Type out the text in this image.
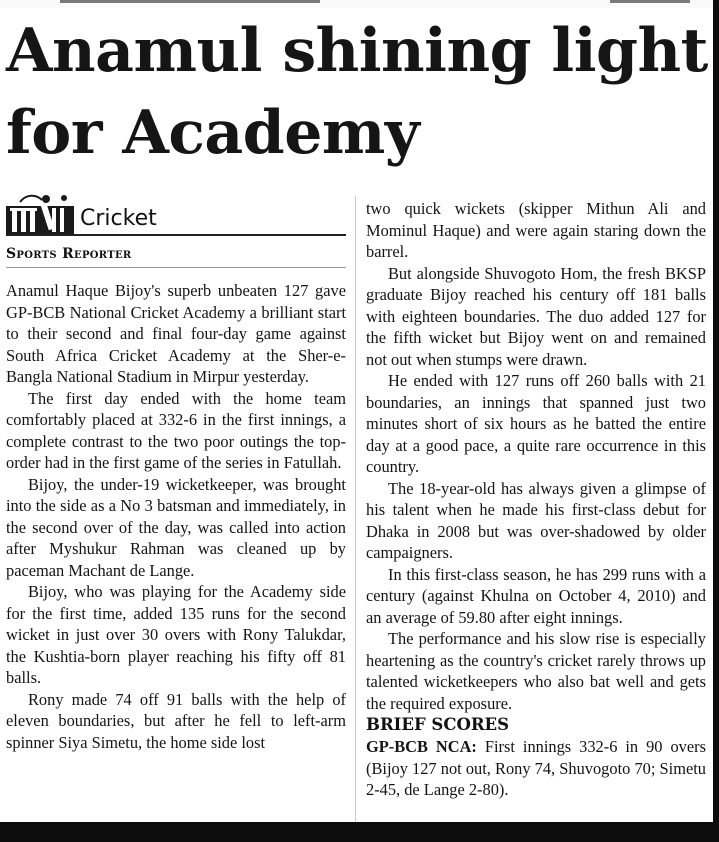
Anamul shining light for Academy
Cricket
Sports Reporter

Anamul Haque Bijoy's superb unbeaten 127 gave GP-BCB National Cricket Academy a brilliant start to their second and final four-day game against South Africa Cricket Academy at the Sher-e-Bangla National Stadium in Mirpur yesterday.

The first day ended with the home team comfortably placed at 332-6 in the first innings, a complete contrast to the two poor outings the top-order had in the first game of the series in Fatullah.

Bijoy, the under-19 wicketkeeper, was brought into the side as a No 3 batsman and immediately, in the second over of the day, was called into action after Myshukur Rahman was cleaned up by paceman Machant de Lange.

Bijoy, who was playing for the Academy side for the first time, added 135 runs for the second wicket in just over 30 overs with Rony Talukdar, the Kushtia-born player reaching his fifty off 81 balls.

Rony made 74 off 91 balls with the help of eleven boundaries, but after he fell to left-arm spinner Siya Simetu, the home side lost

two quick wickets (skipper Mithun Ali and Mominul Haque) and were again staring down the barrel.

But alongside Shuvogoto Hom, the fresh BKSP graduate Bijoy reached his century off 181 balls with eighteen boundaries. The duo added 127 for the fifth wicket but Bijoy went on and remained not out when stumps were drawn.

He ended with 127 runs off 260 balls with 21 boundaries, an innings that spanned just two minutes short of six hours as he batted the entire day at a good pace, a quite rare occurrence in this country.

The 18-year-old has always given a glimpse of his talent when he made his first-class debut for Dhaka in 2008 but was over-shadowed by older campaigners.

In this first-class season, he has 299 runs with a century (against Khulna on October 4, 2010) and an average of 59.80 after eight innings.

The performance and his slow rise is especially heartening as the country's cricket rarely throws up talented wicketkeepers who also bat well and gets the required exposure.

BRIEF SCORES

GP-BCB NCA: First innings 332-6 in 90 overs (Bijoy 127 not out, Rony 74, Shuvogoto 70; Simetu 2-45, de Lange 2-80).
